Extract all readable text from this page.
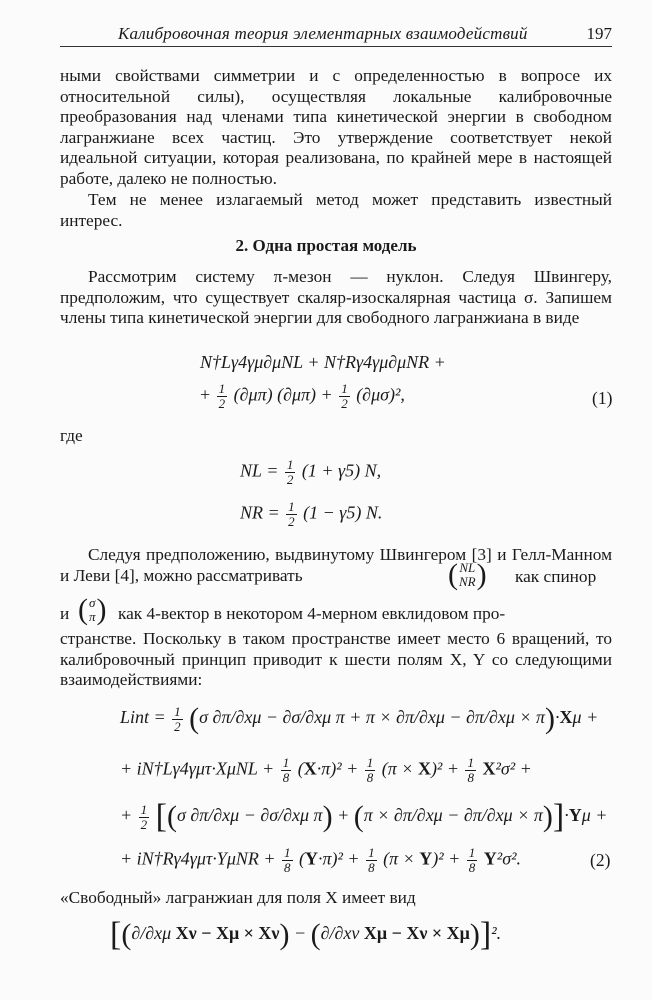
Калибровочная теория элементарных взаимодействий	197

ными свойствами симметрии и с определенностью в вопросе их относительной силы), осуществляя локальные калибровочные преобразования над членами типа кинетической энергии в свободном лагранжиане всех частиц. Это утверждение соответствует некой идеальной ситуации, которая реализована, по крайней мере в настоящей работе, далеко не полностью.

Тем не менее излагаемый метод может представить известный интерес.

2. Одна простая модель

Рассмотрим систему π-мезон — нуклон. Следуя Швингеру, предположим, что существует скаляр-изоскалярная частица σ. Запишем члены типа кинетической энергии для свободного лагранжиана в виде

N†Lγ4γμ∂μNL + N†Rγ4γμ∂μNR +
+ $\frac{1}{2} (\partial\mu\pi) (\partial\mu\pi) + \frac{1}{2} (\partial\mu\sigma)^2$,	(1)

где

NL = $\frac{1}{2} (1 + \gamma 5)$ N,
NR = $\frac{1}{2} (1 - \gamma 5)$ N.

Следуя предположению, выдвинутому Швингером [3] и Гелл-Манном и Леви [4], можно рассматривать	( NL
NR ) как спинор
и ( σ
π ) как 4-вектор в некотором 4-мерном евклидовом про-

странстве. Поскольку в таком пространстве имеет место 6 вращений, то калибровочный принцип приводит к шести полям X, Y со следующими взаимодействиями:

Lint = $\frac{1}{2} (\sigma$ ∂π/∂xμ − ∂σ/∂xμ π + π × ∂π/∂xμ − ∂π/∂xμ × π)·Xμ +
+ iN†Lγ4γμτ·XμNL + $\frac{1}{8} (X\cdot\pi)^2 + \frac{1}{8} (\pi \times X)^2 + \frac{1}{8} X^2\sigma^2$ +
+ $\frac{1}{2} [(\sigma$ ∂π/∂xμ − ∂σ/∂xμ π) + (π × ∂π/∂xμ − ∂π/∂xμ × π)]·Yμ +
+ iN†Rγ4γμτ·YμNR + $\frac{1}{8} (Y\cdot\pi)^2 + \frac{1}{8} (\pi \times Y)^2 + \frac{1}{8} Y^2\sigma^2$.	(2)

«Свободный» лагранжиан для поля X имеет вид

[(∂/∂xμ Xν − Xμ × Xν) − (∂/∂xν Xμ − Xν × Xμ)]².
